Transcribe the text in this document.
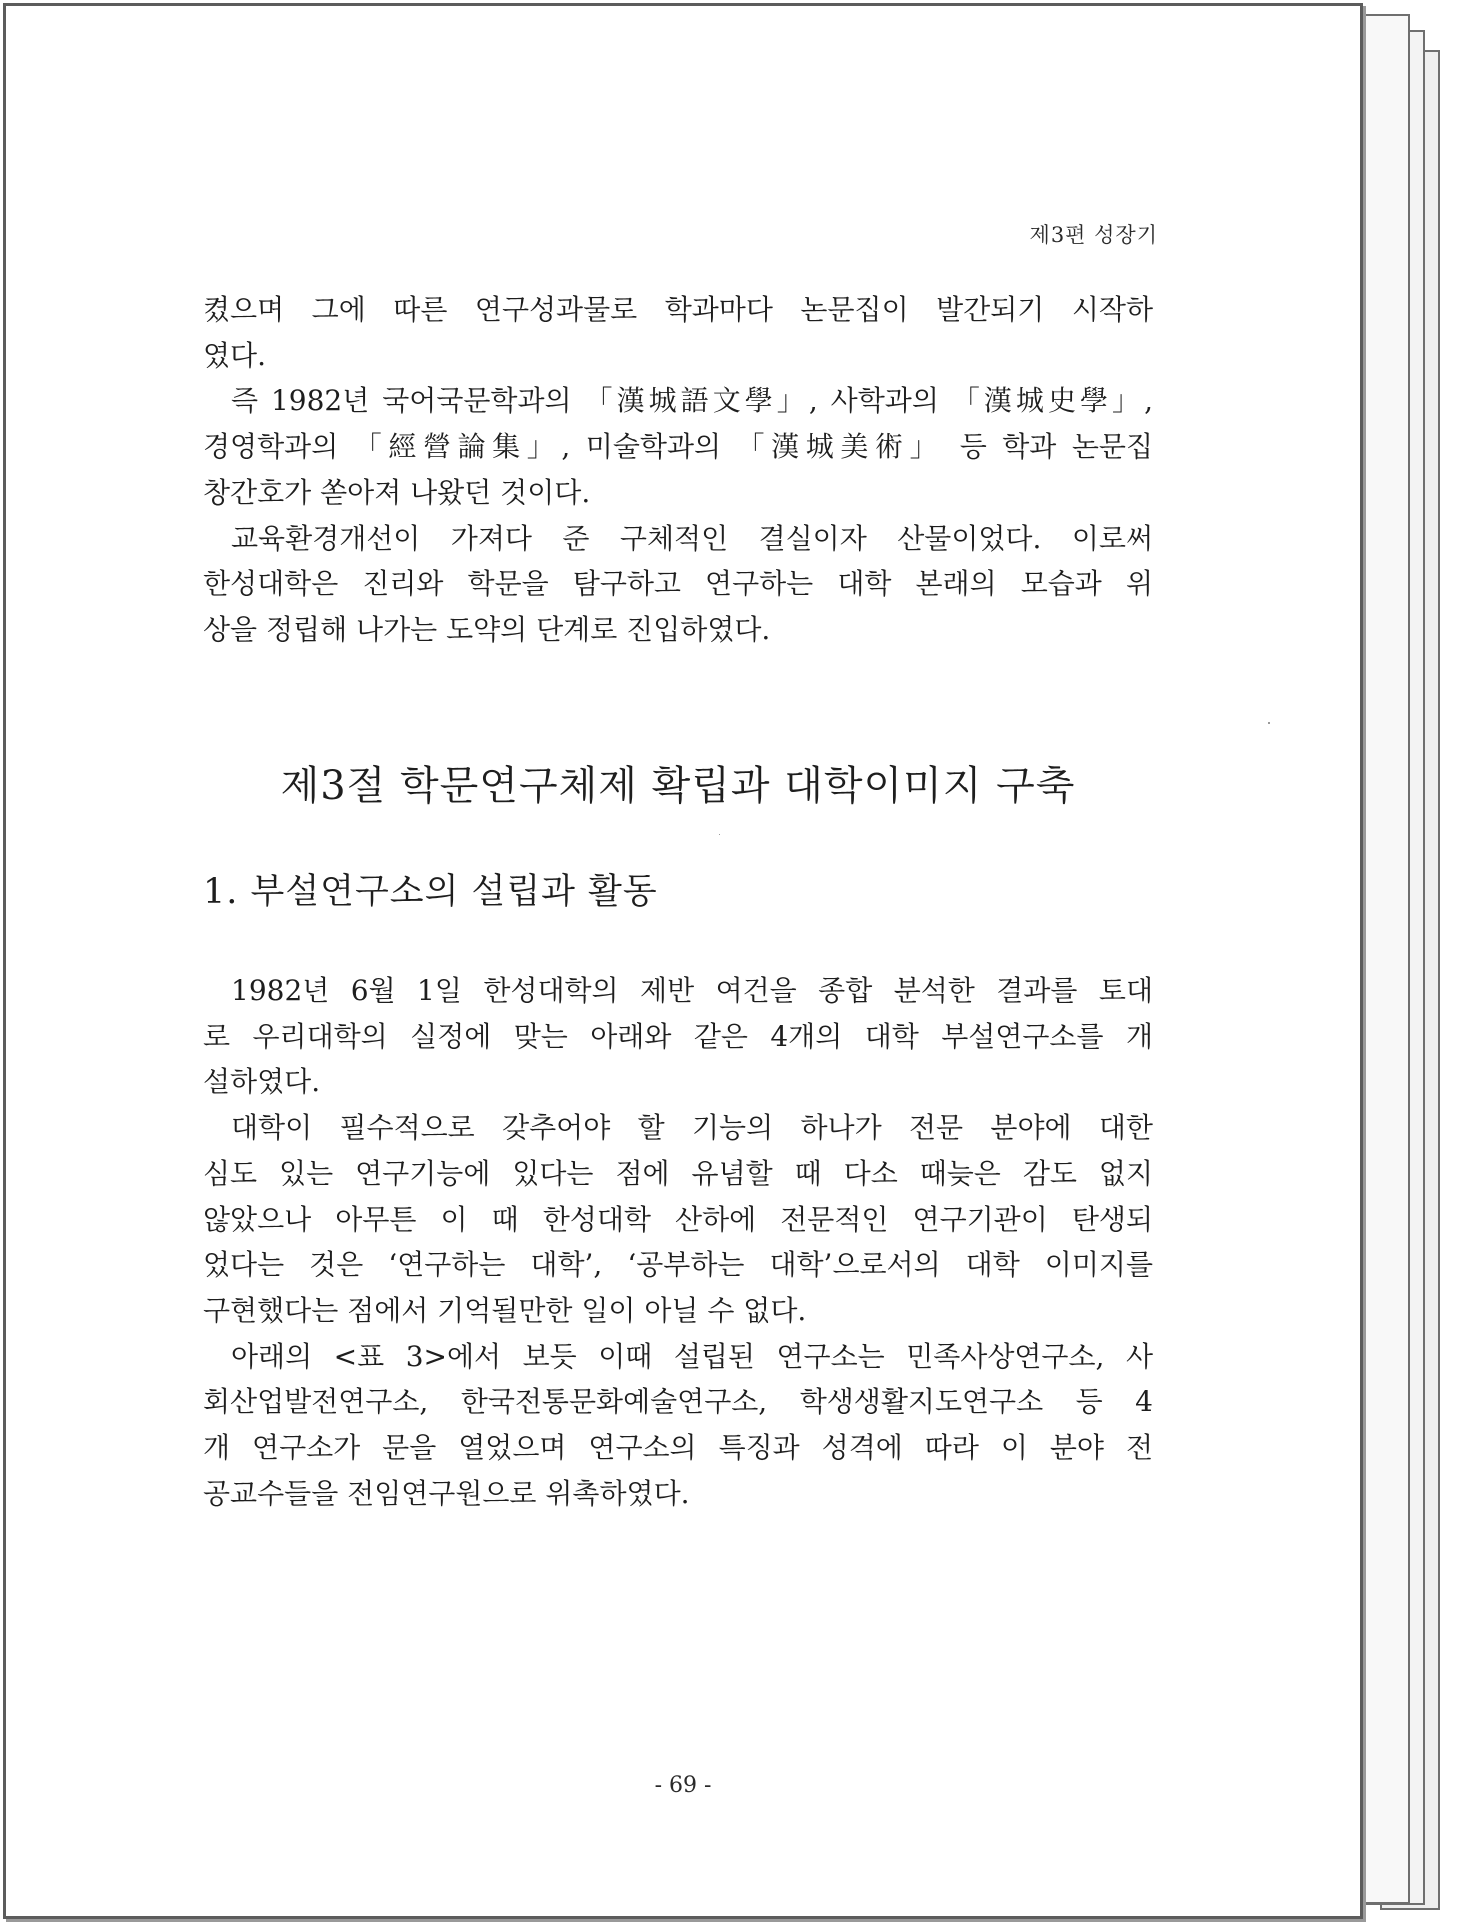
제3편 성장기

켰으며 그에 따른 연구성과물로 학과마다 논문집이 발간되기 시작하

였다.

즉 1982년 국어국문학과의 「漢城語文學」, 사학과의 「漢城史學」,

경영학과의 「經營論集」, 미술학과의 「漢城美術」 등 학과 논문집

창간호가 쏟아져 나왔던 것이다.

교육환경개선이 가져다 준 구체적인 결실이자 산물이었다. 이로써

한성대학은 진리와 학문을 탐구하고 연구하는 대학 본래의 모습과 위

상을 정립해 나가는 도약의 단계로 진입하였다.

제3절 학문연구체제 확립과 대학이미지 구축
1. 부설연구소의 설립과 활동

1982년 6월 1일 한성대학의 제반 여건을 종합 분석한 결과를 토대

로 우리대학의 실정에 맞는 아래와 같은 4개의 대학 부설연구소를 개

설하였다.

대학이 필수적으로 갖추어야 할 기능의 하나가 전문 분야에 대한

심도 있는 연구기능에 있다는 점에 유념할 때 다소 때늦은 감도 없지

않았으나 아무튼 이 때 한성대학 산하에 전문적인 연구기관이 탄생되

었다는 것은 ‘연구하는 대학’, ‘공부하는 대학’으로서의 대학 이미지를

구현했다는 점에서 기억될만한 일이 아닐 수 없다.

아래의 <표 3>에서 보듯 이때 설립된 연구소는 민족사상연구소, 사

회산업발전연구소, 한국전통문화예술연구소, 학생생활지도연구소 등 4

개 연구소가 문을 열었으며 연구소의 특징과 성격에 따라 이 분야 전

공교수들을 전임연구원으로 위촉하였다.

- 69 -
